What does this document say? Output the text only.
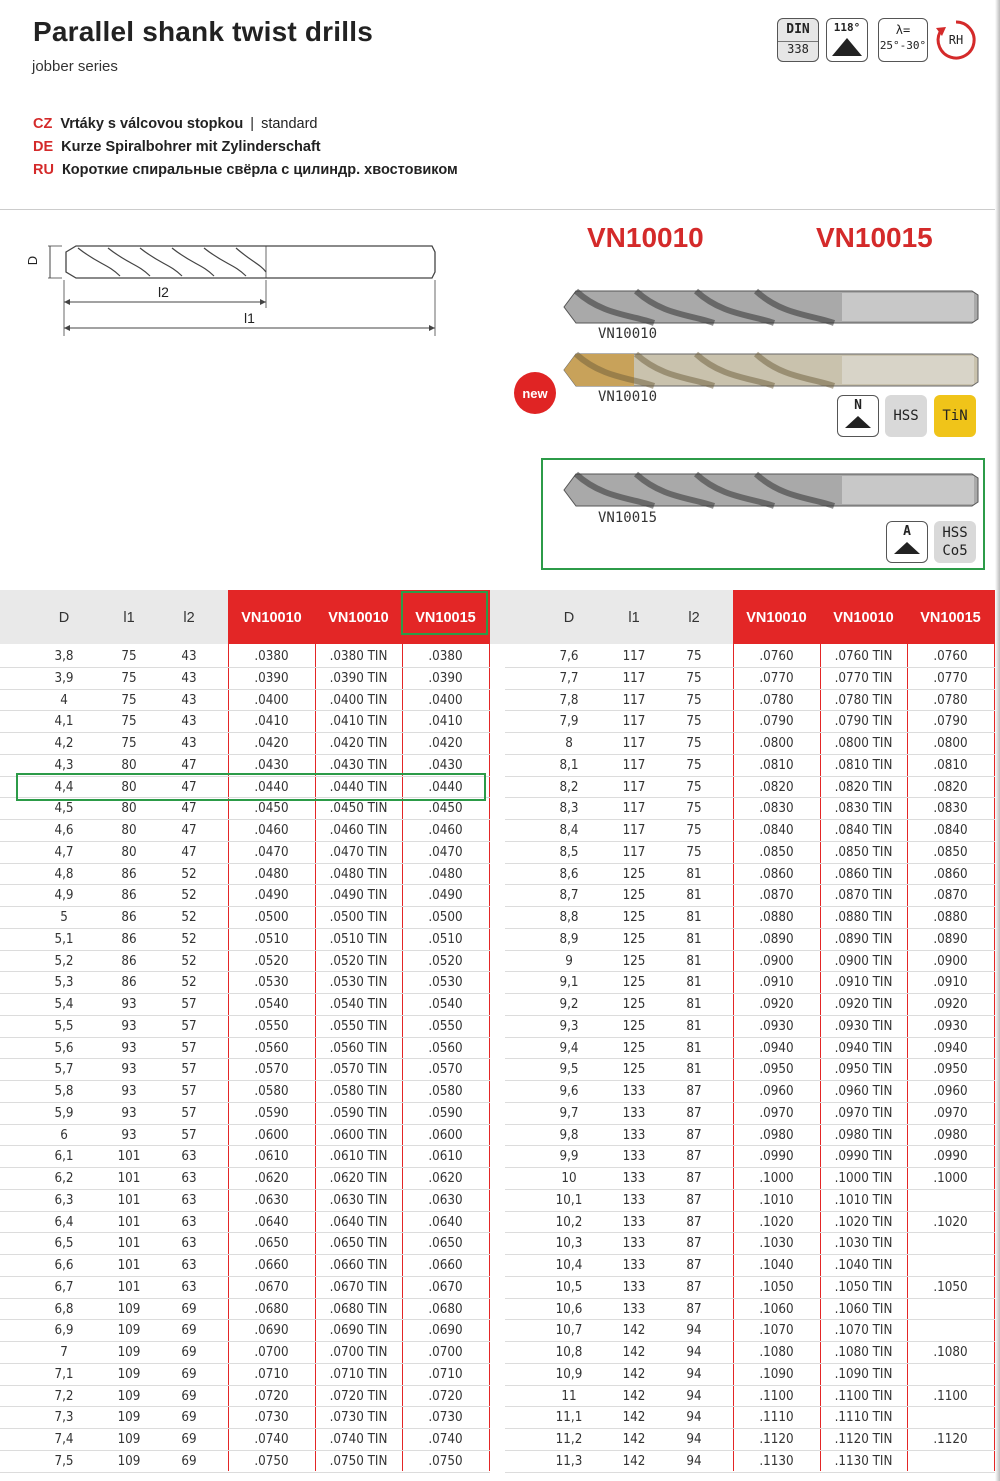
Parallel shank twist drills
jobber series
CZ Vrtáky s válcovou stopkou | standard
DE Kurze Spiralbohrer mit Zylinderschaft
RU Короткие спиральные свёрла с цилиндр. хвостовиком
DIN
338
118°	λ=
25°-30°	RH
D
l2
l1
VN10010	VN10015
VN10010
VN10010
new
N
HSS	TiN
VN10015
A	HSS
Co5
D	l1	l2	VN10010	VN10010	VN10015	D	l1	l2	VN10010	VN10010	VN10015
3,8	75	43	.0380	.0380 TIN	.0380	7,6	117	75	.0760	.0760 TIN	.0760
3,9	75	43	.0390	.0390 TIN	.0390	7,7	117	75	.0770	.0770 TIN	.0770
4	75	43	.0400	.0400 TIN	.0400	7,8	117	75	.0780	.0780 TIN	.0780
4,1	75	43	.0410	.0410 TIN	.0410	7,9	117	75	.0790	.0790 TIN	.0790
4,2	75	43	.0420	.0420 TIN	.0420	8	117	75	.0800	.0800 TIN	.0800
4,3	80	47	.0430	.0430 TIN	.0430	8,1	117	75	.0810	.0810 TIN	.0810
4,4	80	47	.0440	.0440 TIN	.0440	8,2	117	75	.0820	.0820 TIN	.0820
4,5	80	47	.0450	.0450 TIN	.0450	8,3	117	75	.0830	.0830 TIN	.0830
4,6	80	47	.0460	.0460 TIN	.0460	8,4	117	75	.0840	.0840 TIN	.0840
4,7	80	47	.0470	.0470 TIN	.0470	8,5	117	75	.0850	.0850 TIN	.0850
4,8	86	52	.0480	.0480 TIN	.0480	8,6	125	81	.0860	.0860 TIN	.0860
4,9	86	52	.0490	.0490 TIN	.0490	8,7	125	81	.0870	.0870 TIN	.0870
5	86	52	.0500	.0500 TIN	.0500	8,8	125	81	.0880	.0880 TIN	.0880
5,1	86	52	.0510	.0510 TIN	.0510	8,9	125	81	.0890	.0890 TIN	.0890
5,2	86	52	.0520	.0520 TIN	.0520	9	125	81	.0900	.0900 TIN	.0900
5,3	86	52	.0530	.0530 TIN	.0530	9,1	125	81	.0910	.0910 TIN	.0910
5,4	93	57	.0540	.0540 TIN	.0540	9,2	125	81	.0920	.0920 TIN	.0920
5,5	93	57	.0550	.0550 TIN	.0550	9,3	125	81	.0930	.0930 TIN	.0930
5,6	93	57	.0560	.0560 TIN	.0560	9,4	125	81	.0940	.0940 TIN	.0940
5,7	93	57	.0570	.0570 TIN	.0570	9,5	125	81	.0950	.0950 TIN	.0950
5,8	93	57	.0580	.0580 TIN	.0580	9,6	133	87	.0960	.0960 TIN	.0960
5,9	93	57	.0590	.0590 TIN	.0590	9,7	133	87	.0970	.0970 TIN	.0970
6	93	57	.0600	.0600 TIN	.0600	9,8	133	87	.0980	.0980 TIN	.0980
6,1	101	63	.0610	.0610 TIN	.0610	9,9	133	87	.0990	.0990 TIN	.0990
6,2	101	63	.0620	.0620 TIN	.0620	10	133	87	.1000	.1000 TIN	.1000
6,3	101	63	.0630	.0630 TIN	.0630	10,1	133	87	.1010	.1010 TIN
6,4	101	63	.0640	.0640 TIN	.0640	10,2	133	87	.1020	.1020 TIN	.1020
6,5	101	63	.0650	.0650 TIN	.0650	10,3	133	87	.1030	.1030 TIN
6,6	101	63	.0660	.0660 TIN	.0660	10,4	133	87	.1040	.1040 TIN
6,7	101	63	.0670	.0670 TIN	.0670	10,5	133	87	.1050	.1050 TIN	.1050
6,8	109	69	.0680	.0680 TIN	.0680	10,6	133	87	.1060	.1060 TIN
6,9	109	69	.0690	.0690 TIN	.0690	10,7	142	94	.1070	.1070 TIN
7	109	69	.0700	.0700 TIN	.0700	10,8	142	94	.1080	.1080 TIN	.1080
7,1	109	69	.0710	.0710 TIN	.0710	10,9	142	94	.1090	.1090 TIN
7,2	109	69	.0720	.0720 TIN	.0720	11	142	94	.1100	.1100 TIN	.1100
7,3	109	69	.0730	.0730 TIN	.0730	11,1	142	94	.1110	.1110 TIN
7,4	109	69	.0740	.0740 TIN	.0740	11,2	142	94	.1120	.1120 TIN	.1120
7,5	109	69	.0750	.0750 TIN	.0750	11,3	142	94	.1130	.1130 TIN
